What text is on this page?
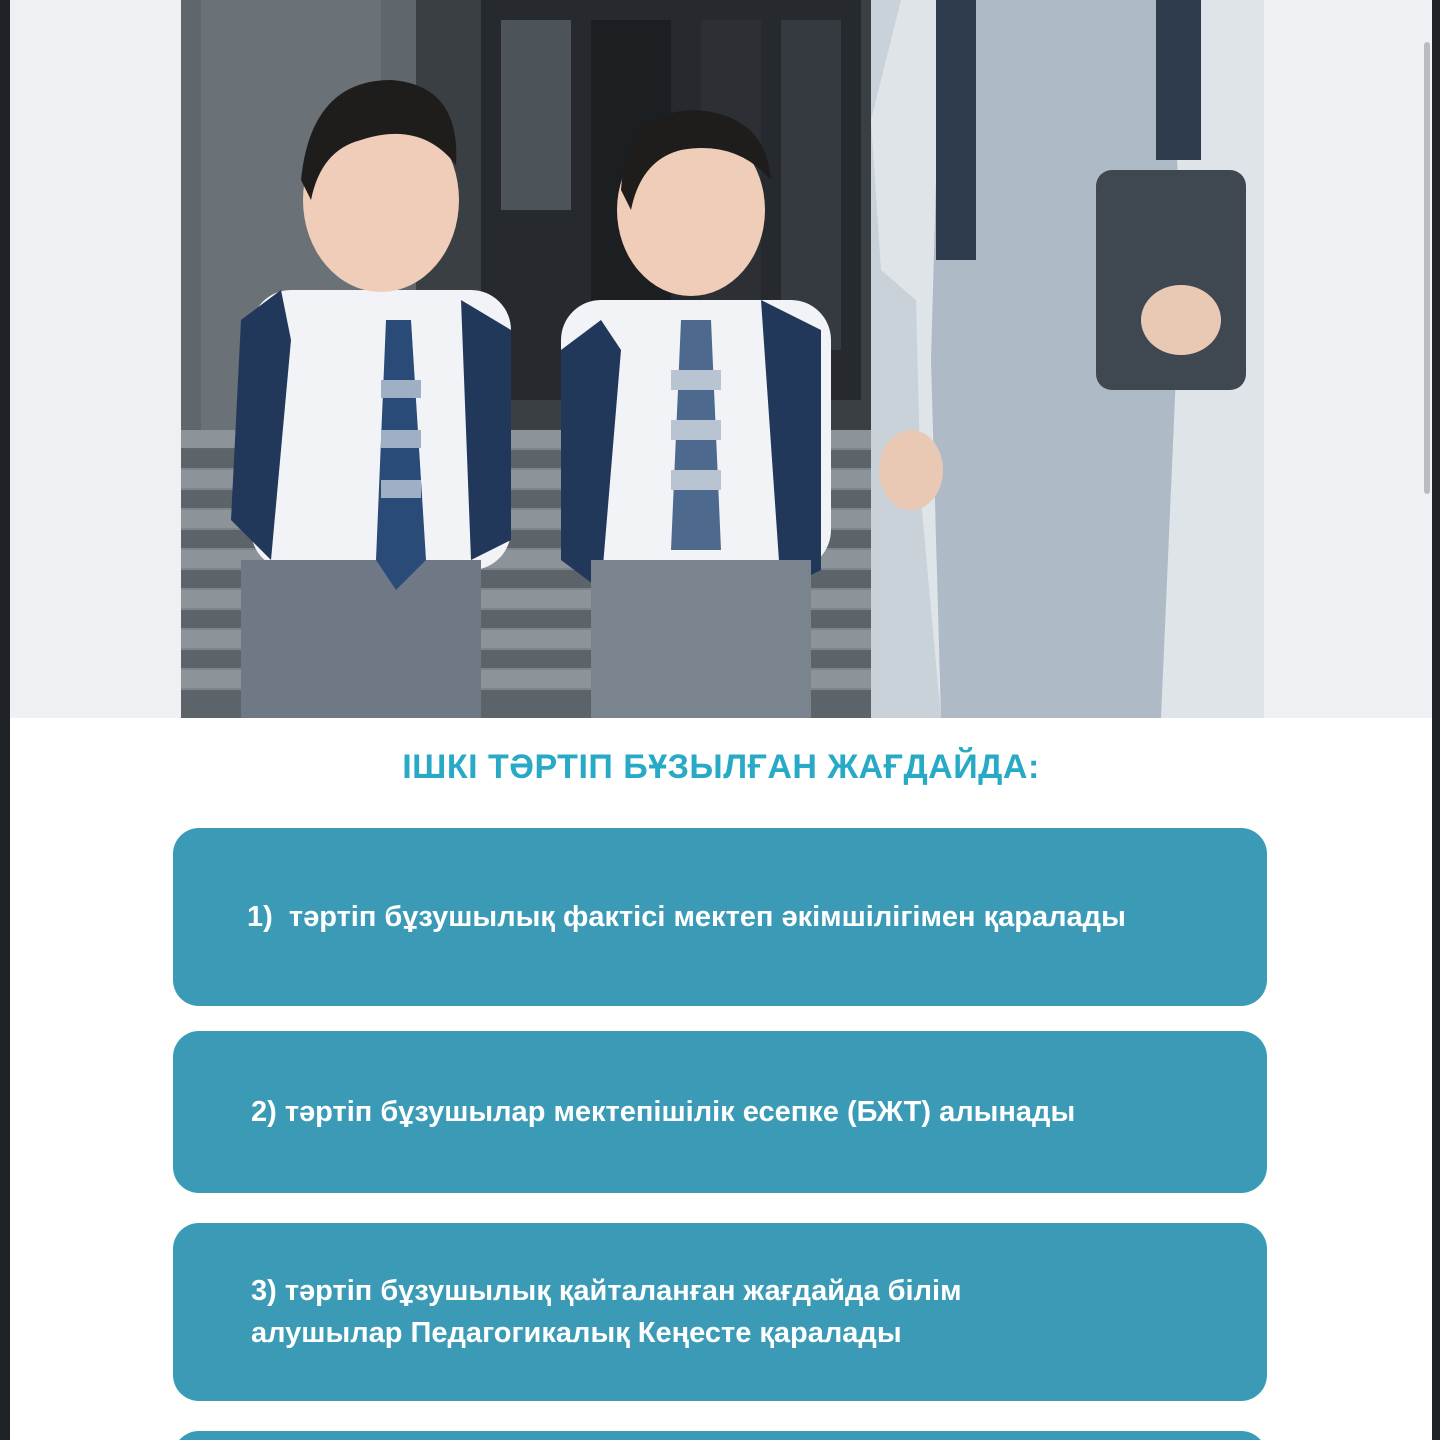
ІШКІ ТӘРТІП БҰЗЫЛҒАН ЖАҒДАЙДА:
1)  тәртіп бұзушылық фактісі мектеп әкімшілігімен қаралады
2) тәртіп бұзушылар мектепішілік есепке (БЖТ) алынады
3) тәртіп бұзушылық қайталанған жағдайда білім алушылар Педагогикалық Кеңесте қаралады
